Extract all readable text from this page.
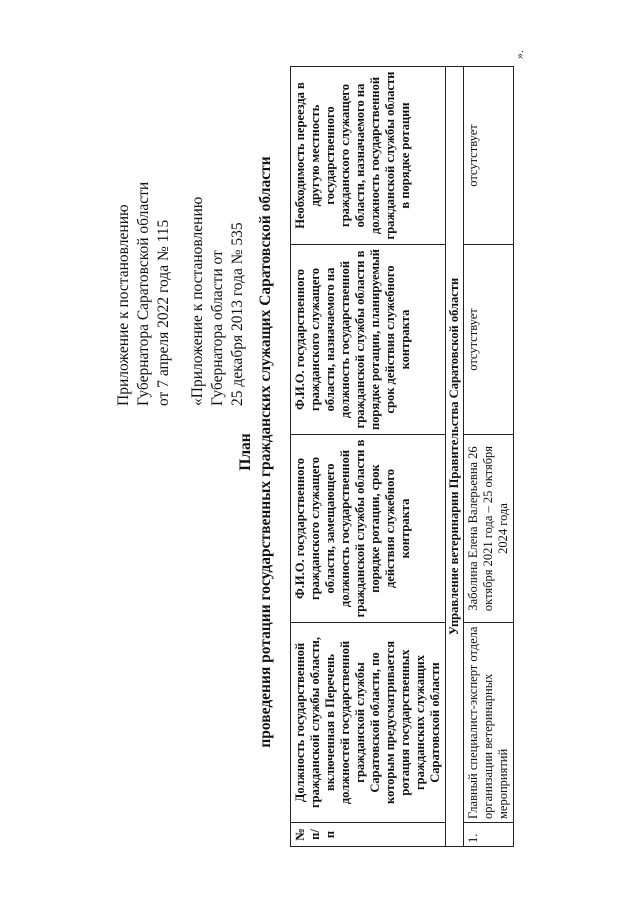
Приложение к постановлению Губернатора Саратовской области от 7 апреля 2022 года № 115 «Приложение к постановлению Губернатора области от 25 декабря 2013 года № 535
План проведения ротации государственных гражданских служащих Саратовской области
№ п/п	Должность государственной гражданской службы области, включенная в Перечень должностей государственной гражданской службы Саратовской области, по которым предусматривается ротация государственных гражданских служащих Саратовской области	Ф.И.О. государственного гражданского служащего области, замещающего должность государственной гражданской службы области в порядке ротации, срок действия служебного контракта	Ф.И.О. государственного гражданского служащего области, назначаемого на должность государственной гражданской службы области в порядке ротации, планируемый срок действия служебного контракта	Необходимость переезда в другую местность государственного гражданского служащего области, назначаемого на должность государственной гражданской службы области в порядке ротации
Управление ветеринарии Правительства Саратовской области				
1.	Главный специалист-эксперт отдела организации ветеринарных мероприятий	Заболина Елена Валерьевна 26 октября 2021 года – 25 октября 2024 года	отсутствует	отсутствует
».
